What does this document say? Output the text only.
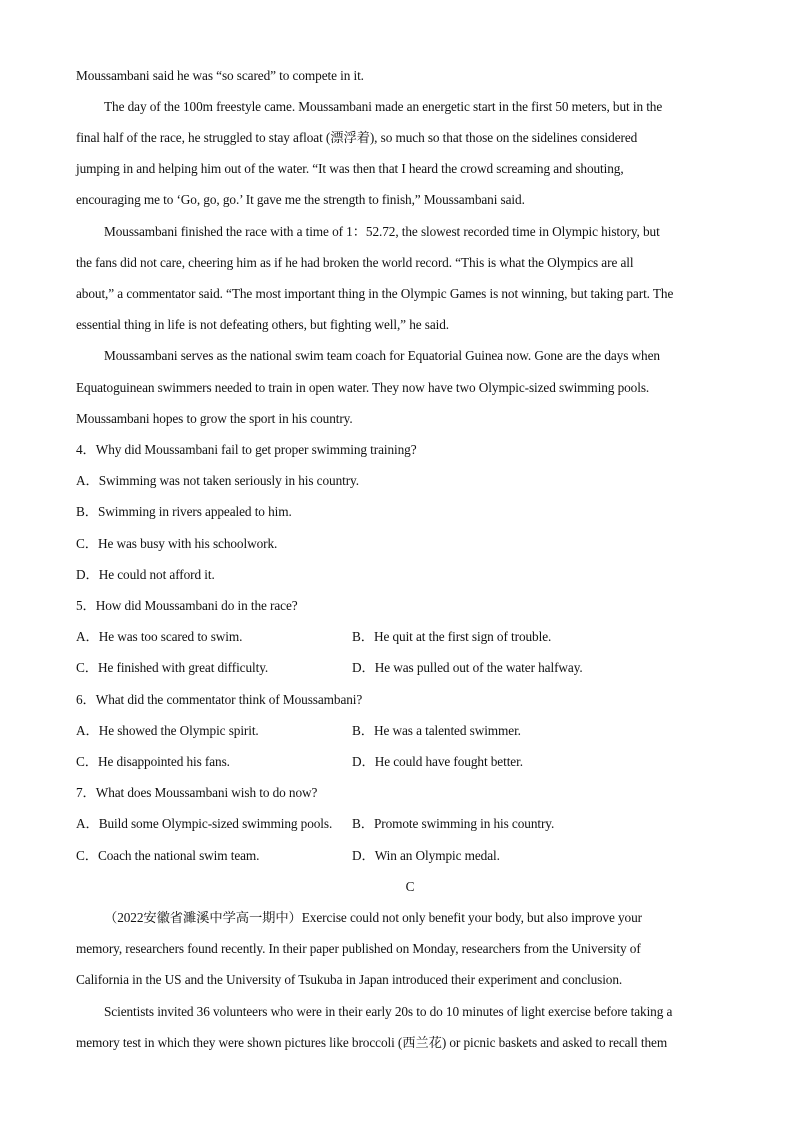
Moussambani said he was “so scared” to compete in it.
The day of the 100m freestyle came. Moussambani made an energetic start in the first 50 meters, but in the
final half of the race, he struggled to stay afloat (漂浮着), so much so that those on the sidelines considered
jumping in and helping him out of the water. “It was then that I heard the crowd screaming and shouting,
encouraging me to ‘Go, go, go.’ It gave me the strength to finish,” Moussambani said.
Moussambani finished the race with a time of 1：52.72, the slowest recorded time in Olympic history, but
the fans did not care, cheering him as if he had broken the world record. “This is what the Olympics are all
about,” a commentator said. “The most important thing in the Olympic Games is not winning, but taking part. The
essential thing in life is not defeating others, but fighting well,” he said.
Moussambani serves as the national swim team coach for Equatorial Guinea now. Gone are the days when
Equatoguinean swimmers needed to train in open water. They now have two Olympic-sized swimming pools.
Moussambani hopes to grow the sport in his country.
4．Why did Moussambani fail to get proper swimming training?
A．Swimming was not taken seriously in his country.
B．Swimming in rivers appealed to him.
C．He was busy with his schoolwork.
D．He could not afford it.
5．How did Moussambani do in the race?
A．He was too scared to swim.	B．He quit at the first sign of trouble.
C．He finished with great difficulty.	D．He was pulled out of the water halfway.
6．What did the commentator think of Moussambani?
A．He showed the Olympic spirit.	B．He was a talented swimmer.
C．He disappointed his fans.	D．He could have fought better.
7．What does Moussambani wish to do now?
A．Build some Olympic-sized swimming pools. B．Promote swimming in his country.
C．Coach the national swim team.	D．Win an Olympic medal.
C
（2022安徽省濉溪中学高一期中）Exercise could not only benefit your body, but also improve your
memory, researchers found recently. In their paper published on Monday, researchers from the University of
California in the US and the University of Tsukuba in Japan introduced their experiment and conclusion.
Scientists invited 36 volunteers who were in their early 20s to do 10 minutes of light exercise before taking a
memory test in which they were shown pictures like broccoli (西兰花) or picnic baskets and asked to recall them
